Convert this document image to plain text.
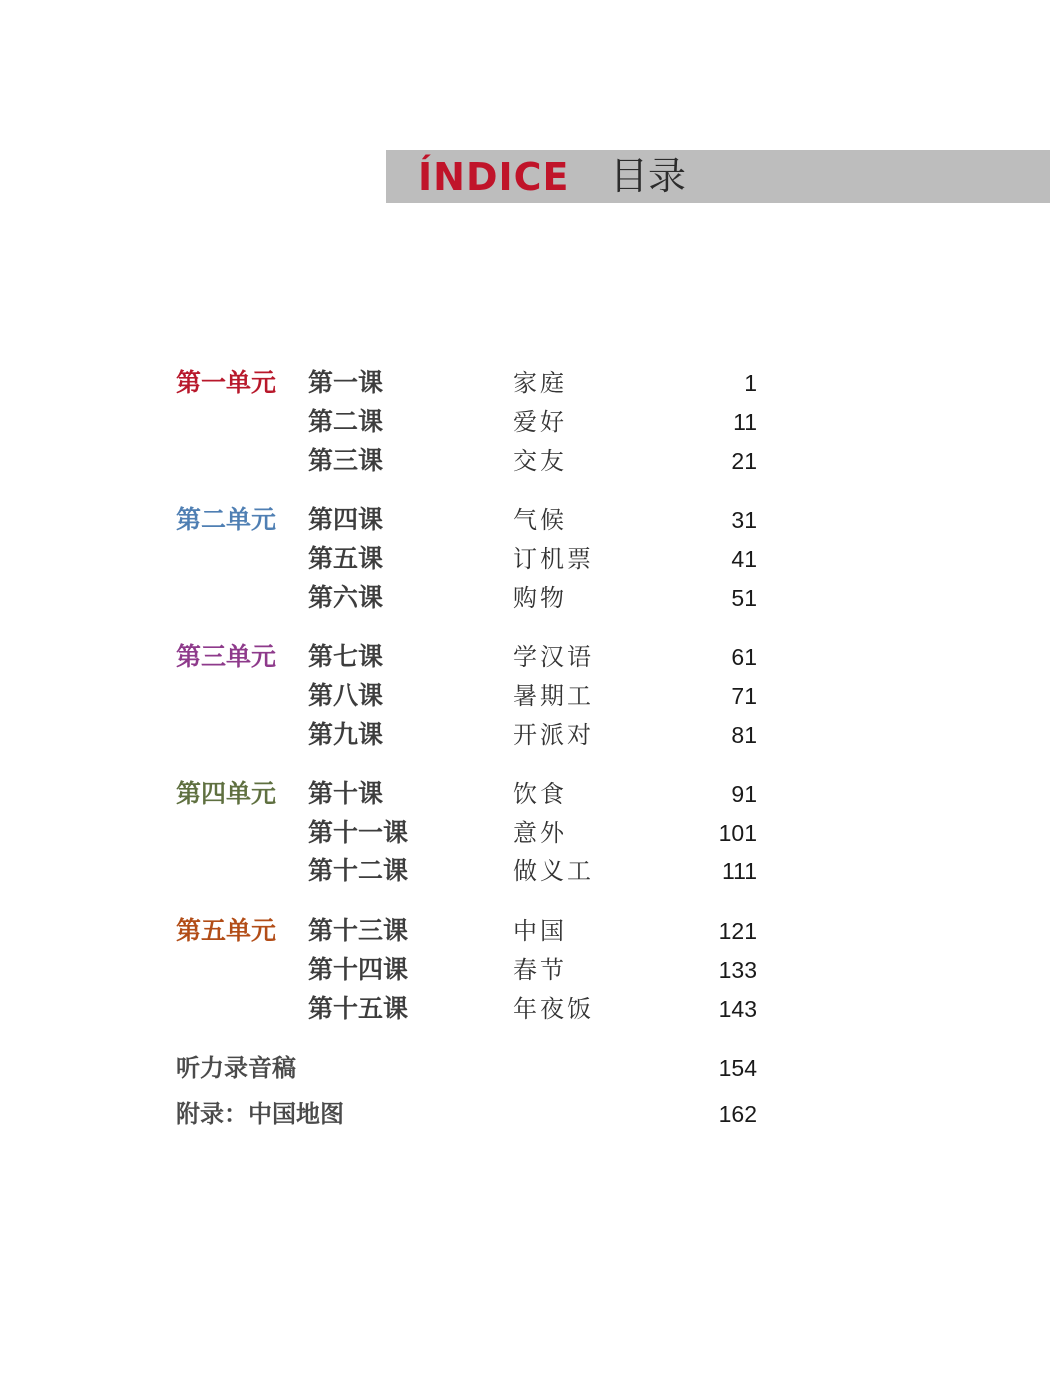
ÍNDICE 目录
第一单元 第一课	家庭	1
第二课	爱好	11
第三课	交友	21
第二单元 第四课	气候	31
第五课	订机票	41
第六课	购物	51
第三单元 第七课	学汉语	61
第八课	暑期工	71
第九课	开派对	81
第四单元 第十课	饮食	91
第十一课	意外	101
第十二课	做义工	111
第五单元 第十三课	中国	121
第十四课	春节	133
第十五课	年夜饭	143
听力录音稿	154
附录：中国地图	162
